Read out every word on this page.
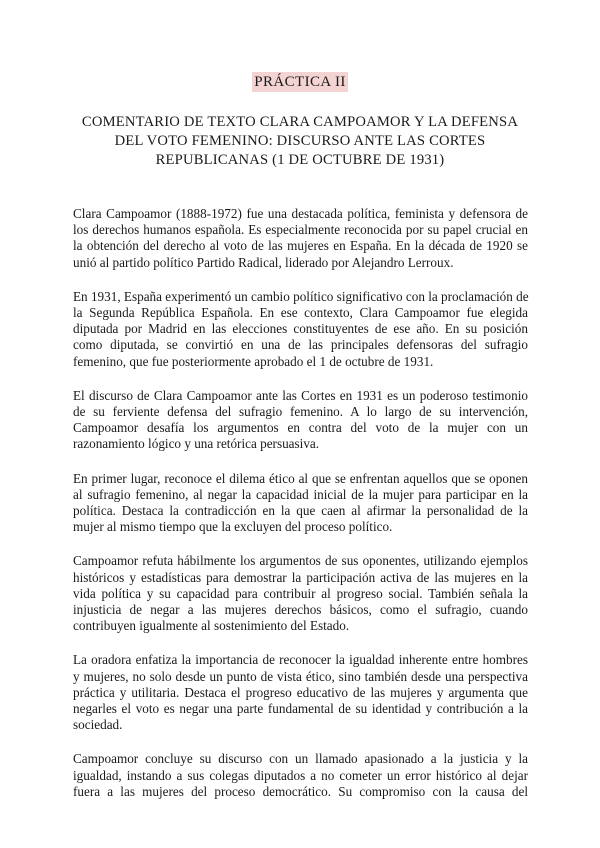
PRÁCTICA II
COMENTARIO DE TEXTO CLARA CAMPOAMOR Y LA DEFENSA
DEL VOTO FEMENINO: DISCURSO ANTE LAS CORTES
REPUBLICANAS (1 DE OCTUBRE DE 1931)

Clara Campoamor (1888-1972) fue una destacada política, feminista y defensora de
los derechos humanos española. Es especialmente reconocida por su papel crucial en
la obtención del derecho al voto de las mujeres en España. En la década de 1920 se
unió al partido político Partido Radical, liderado por Alejandro Lerroux.

En 1931, España experimentó un cambio político significativo con la proclamación de
la Segunda República Española. En ese contexto, Clara Campoamor fue elegida
diputada por Madrid en las elecciones constituyentes de ese año. En su posición
como diputada, se convirtió en una de las principales defensoras del sufragio
femenino, que fue posteriormente aprobado el 1 de octubre de 1931.

El discurso de Clara Campoamor ante las Cortes en 1931 es un poderoso testimonio
de su ferviente defensa del sufragio femenino. A lo largo de su intervención,
Campoamor desafía los argumentos en contra del voto de la mujer con un
razonamiento lógico y una retórica persuasiva.

En primer lugar, reconoce el dilema ético al que se enfrentan aquellos que se oponen
al sufragio femenino, al negar la capacidad inicial de la mujer para participar en la
política. Destaca la contradicción en la que caen al afirmar la personalidad de la
mujer al mismo tiempo que la excluyen del proceso político.

Campoamor refuta hábilmente los argumentos de sus oponentes, utilizando ejemplos
históricos y estadísticas para demostrar la participación activa de las mujeres en la
vida política y su capacidad para contribuir al progreso social. También señala la
injusticia de negar a las mujeres derechos básicos, como el sufragio, cuando
contribuyen igualmente al sostenimiento del Estado.

La oradora enfatiza la importancia de reconocer la igualdad inherente entre hombres
y mujeres, no solo desde un punto de vista ético, sino también desde una perspectiva
práctica y utilitaria. Destaca el progreso educativo de las mujeres y argumenta que
negarles el voto es negar una parte fundamental de su identidad y contribución a la
sociedad.

Campoamor concluye su discurso con un llamado apasionado a la justicia y la
igualdad, instando a sus colegas diputados a no cometer un error histórico al dejar
fuera a las mujeres del proceso democrático. Su compromiso con la causa del
